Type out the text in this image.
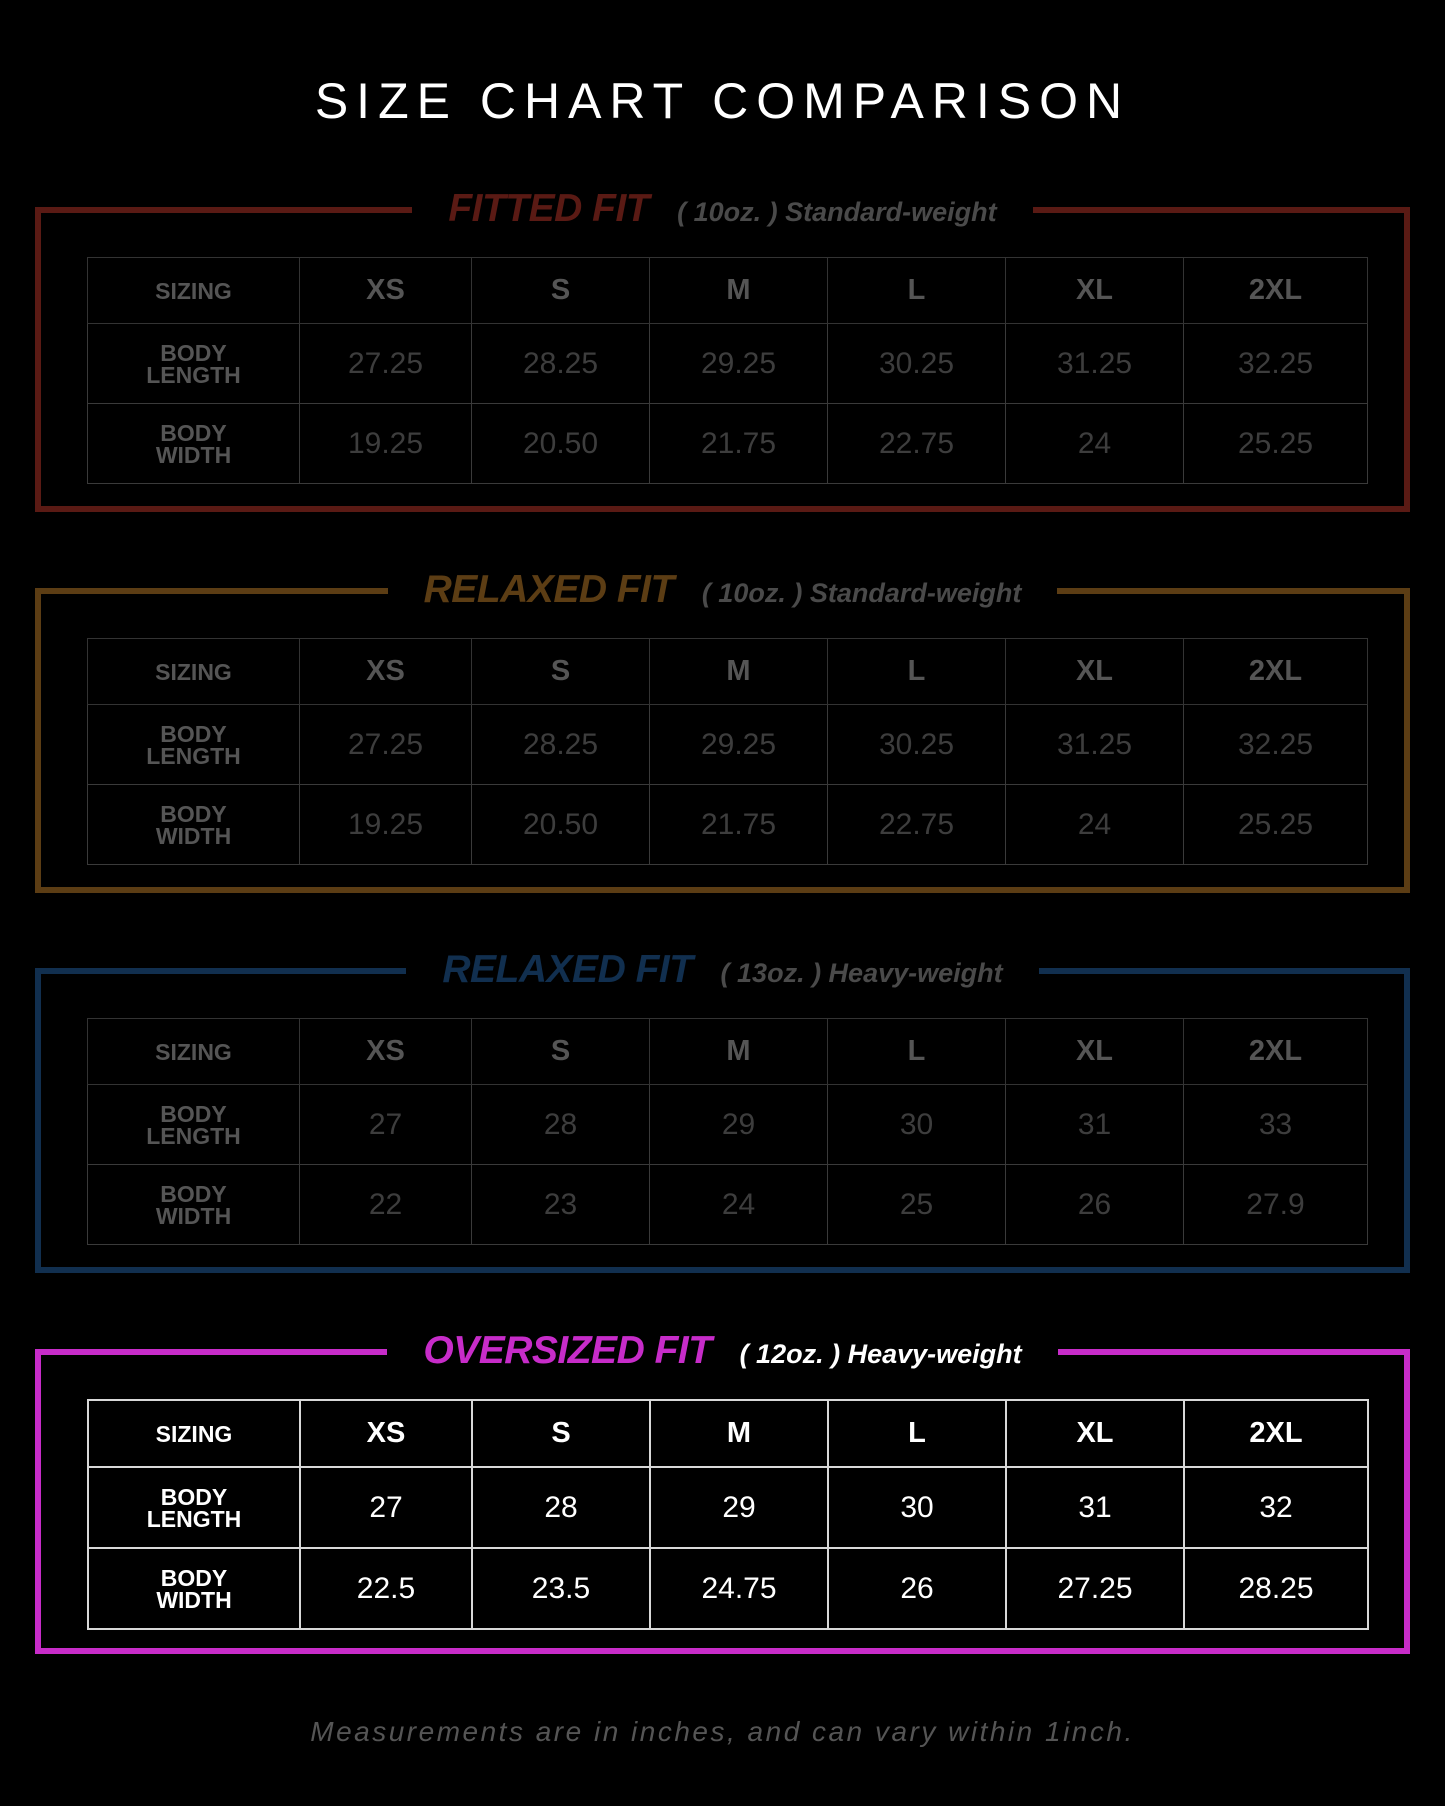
SIZE CHART COMPARISON
FITTED FIT ( 10oz. ) Standard-weight
SIZING	XS	S	M	L	XL	2XL
BODY
LENGTH	27.25	28.25	29.25	30.25	31.25	32.25
BODY
WIDTH	19.25	20.50	21.75	22.75	24	25.25
RELAXED FIT ( 10oz. ) Standard-weight
SIZING	XS	S	M	L	XL	2XL
BODY
LENGTH	27.25	28.25	29.25	30.25	31.25	32.25
BODY
WIDTH	19.25	20.50	21.75	22.75	24	25.25
RELAXED FIT ( 13oz. ) Heavy-weight
SIZING	XS	S	M	L	XL	2XL
BODY
LENGTH	27	28	29	30	31	33
BODY
WIDTH	22	23	24	25	26	27.9
OVERSIZED FIT ( 12oz. ) Heavy-weight
SIZING	XS	S	M	L	XL	2XL
BODY
LENGTH	27	28	29	30	31	32
BODY
WIDTH	22.5	23.5	24.75	26	27.25	28.25
Measurements are in inches, and can vary within 1inch.
